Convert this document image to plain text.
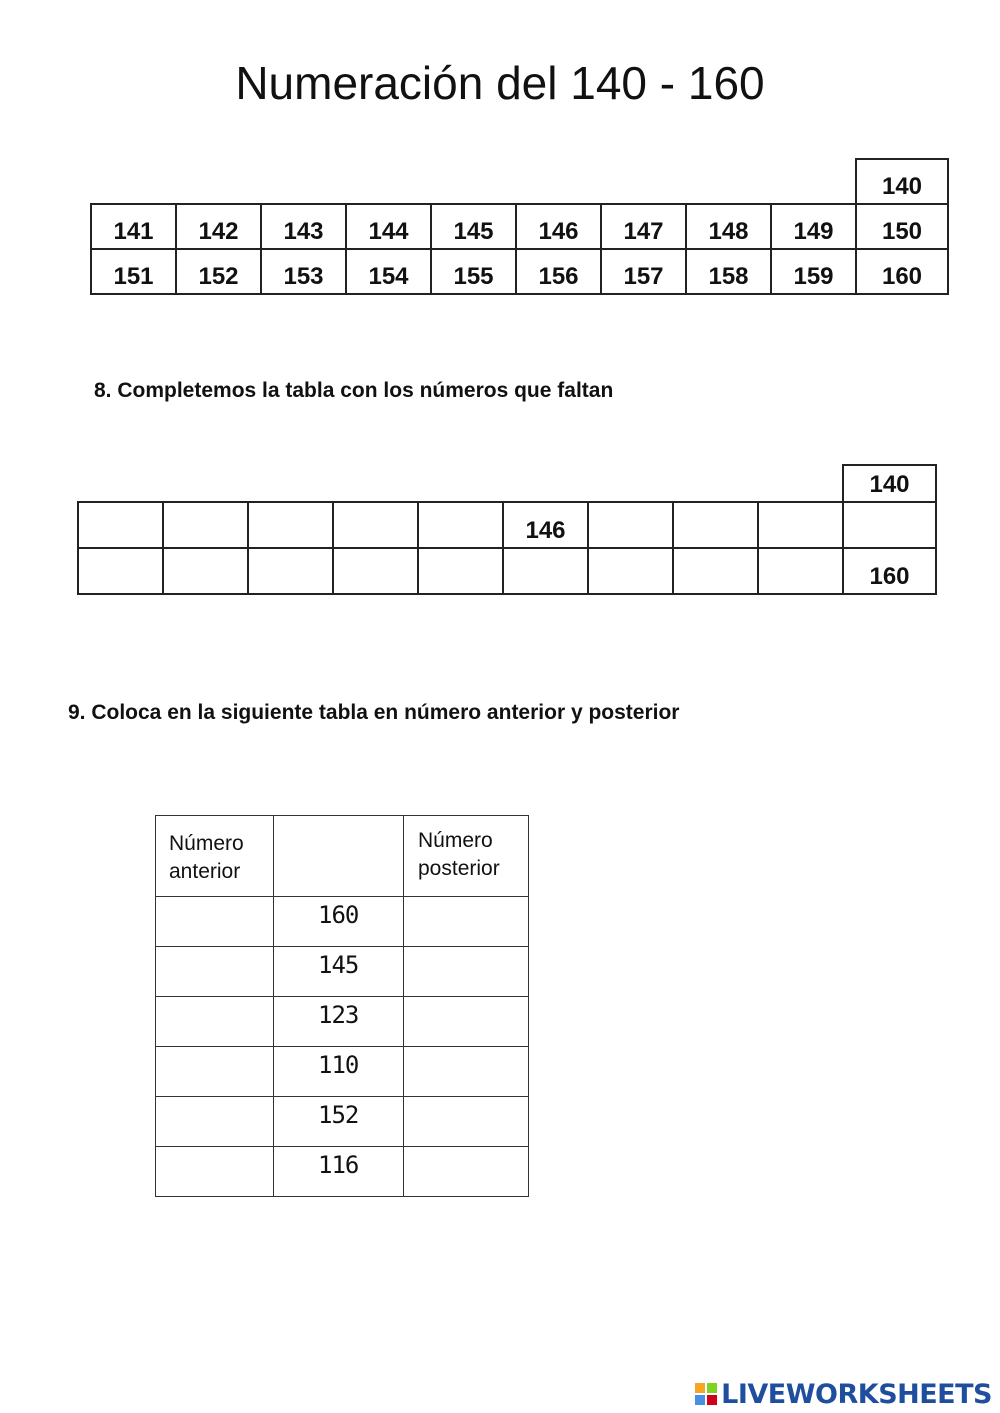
Numeración del 140 - 160
									140
141	142	143	144	145	146	147	148	149	150
151	152	153	154	155	156	157	158	159	160

8. Completemos la tabla con los números que faltan

									140
					146				
									160

9. Coloca en la siguiente tabla en número anterior y posterior

Número anterior		Número posterior

	160	

	145	

	123	

	110	

	152	

	116	

LIVEWORKSHEETS
